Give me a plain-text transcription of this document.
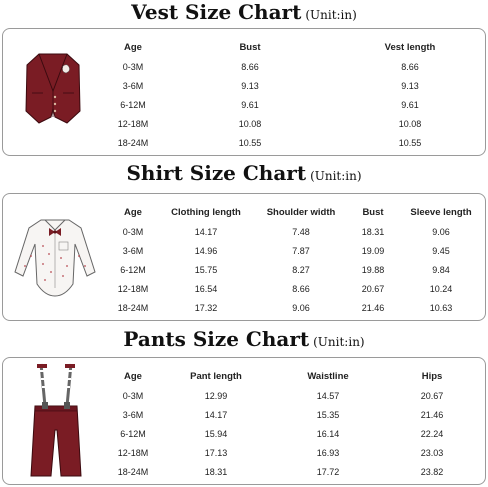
Vest Size Chart (Unit:in)
Age	Bust	Vest length
0-3M	8.66	8.66
3-6M	9.13	9.13
6-12M	9.61	9.61
12-18M	10.08	10.08
18-24M	10.55	10.55
Shirt Size Chart (Unit:in)
Age	Clothing length	Shoulder width	Bust	Sleeve length
0-3M	14.17	7.48	18.31	9.06
3-6M	14.96	7.87	19.09	9.45
6-12M	15.75	8.27	19.88	9.84
12-18M	16.54	8.66	20.67	10.24
18-24M	17.32	9.06	21.46	10.63
Pants Size Chart (Unit:in)
Age	Pant length	Waistline	Hips
0-3M	12.99	14.57	20.67
3-6M	14.17	15.35	21.46
6-12M	15.94	16.14	22.24
12-18M	17.13	16.93	23.03
18-24M	18.31	17.72	23.82
